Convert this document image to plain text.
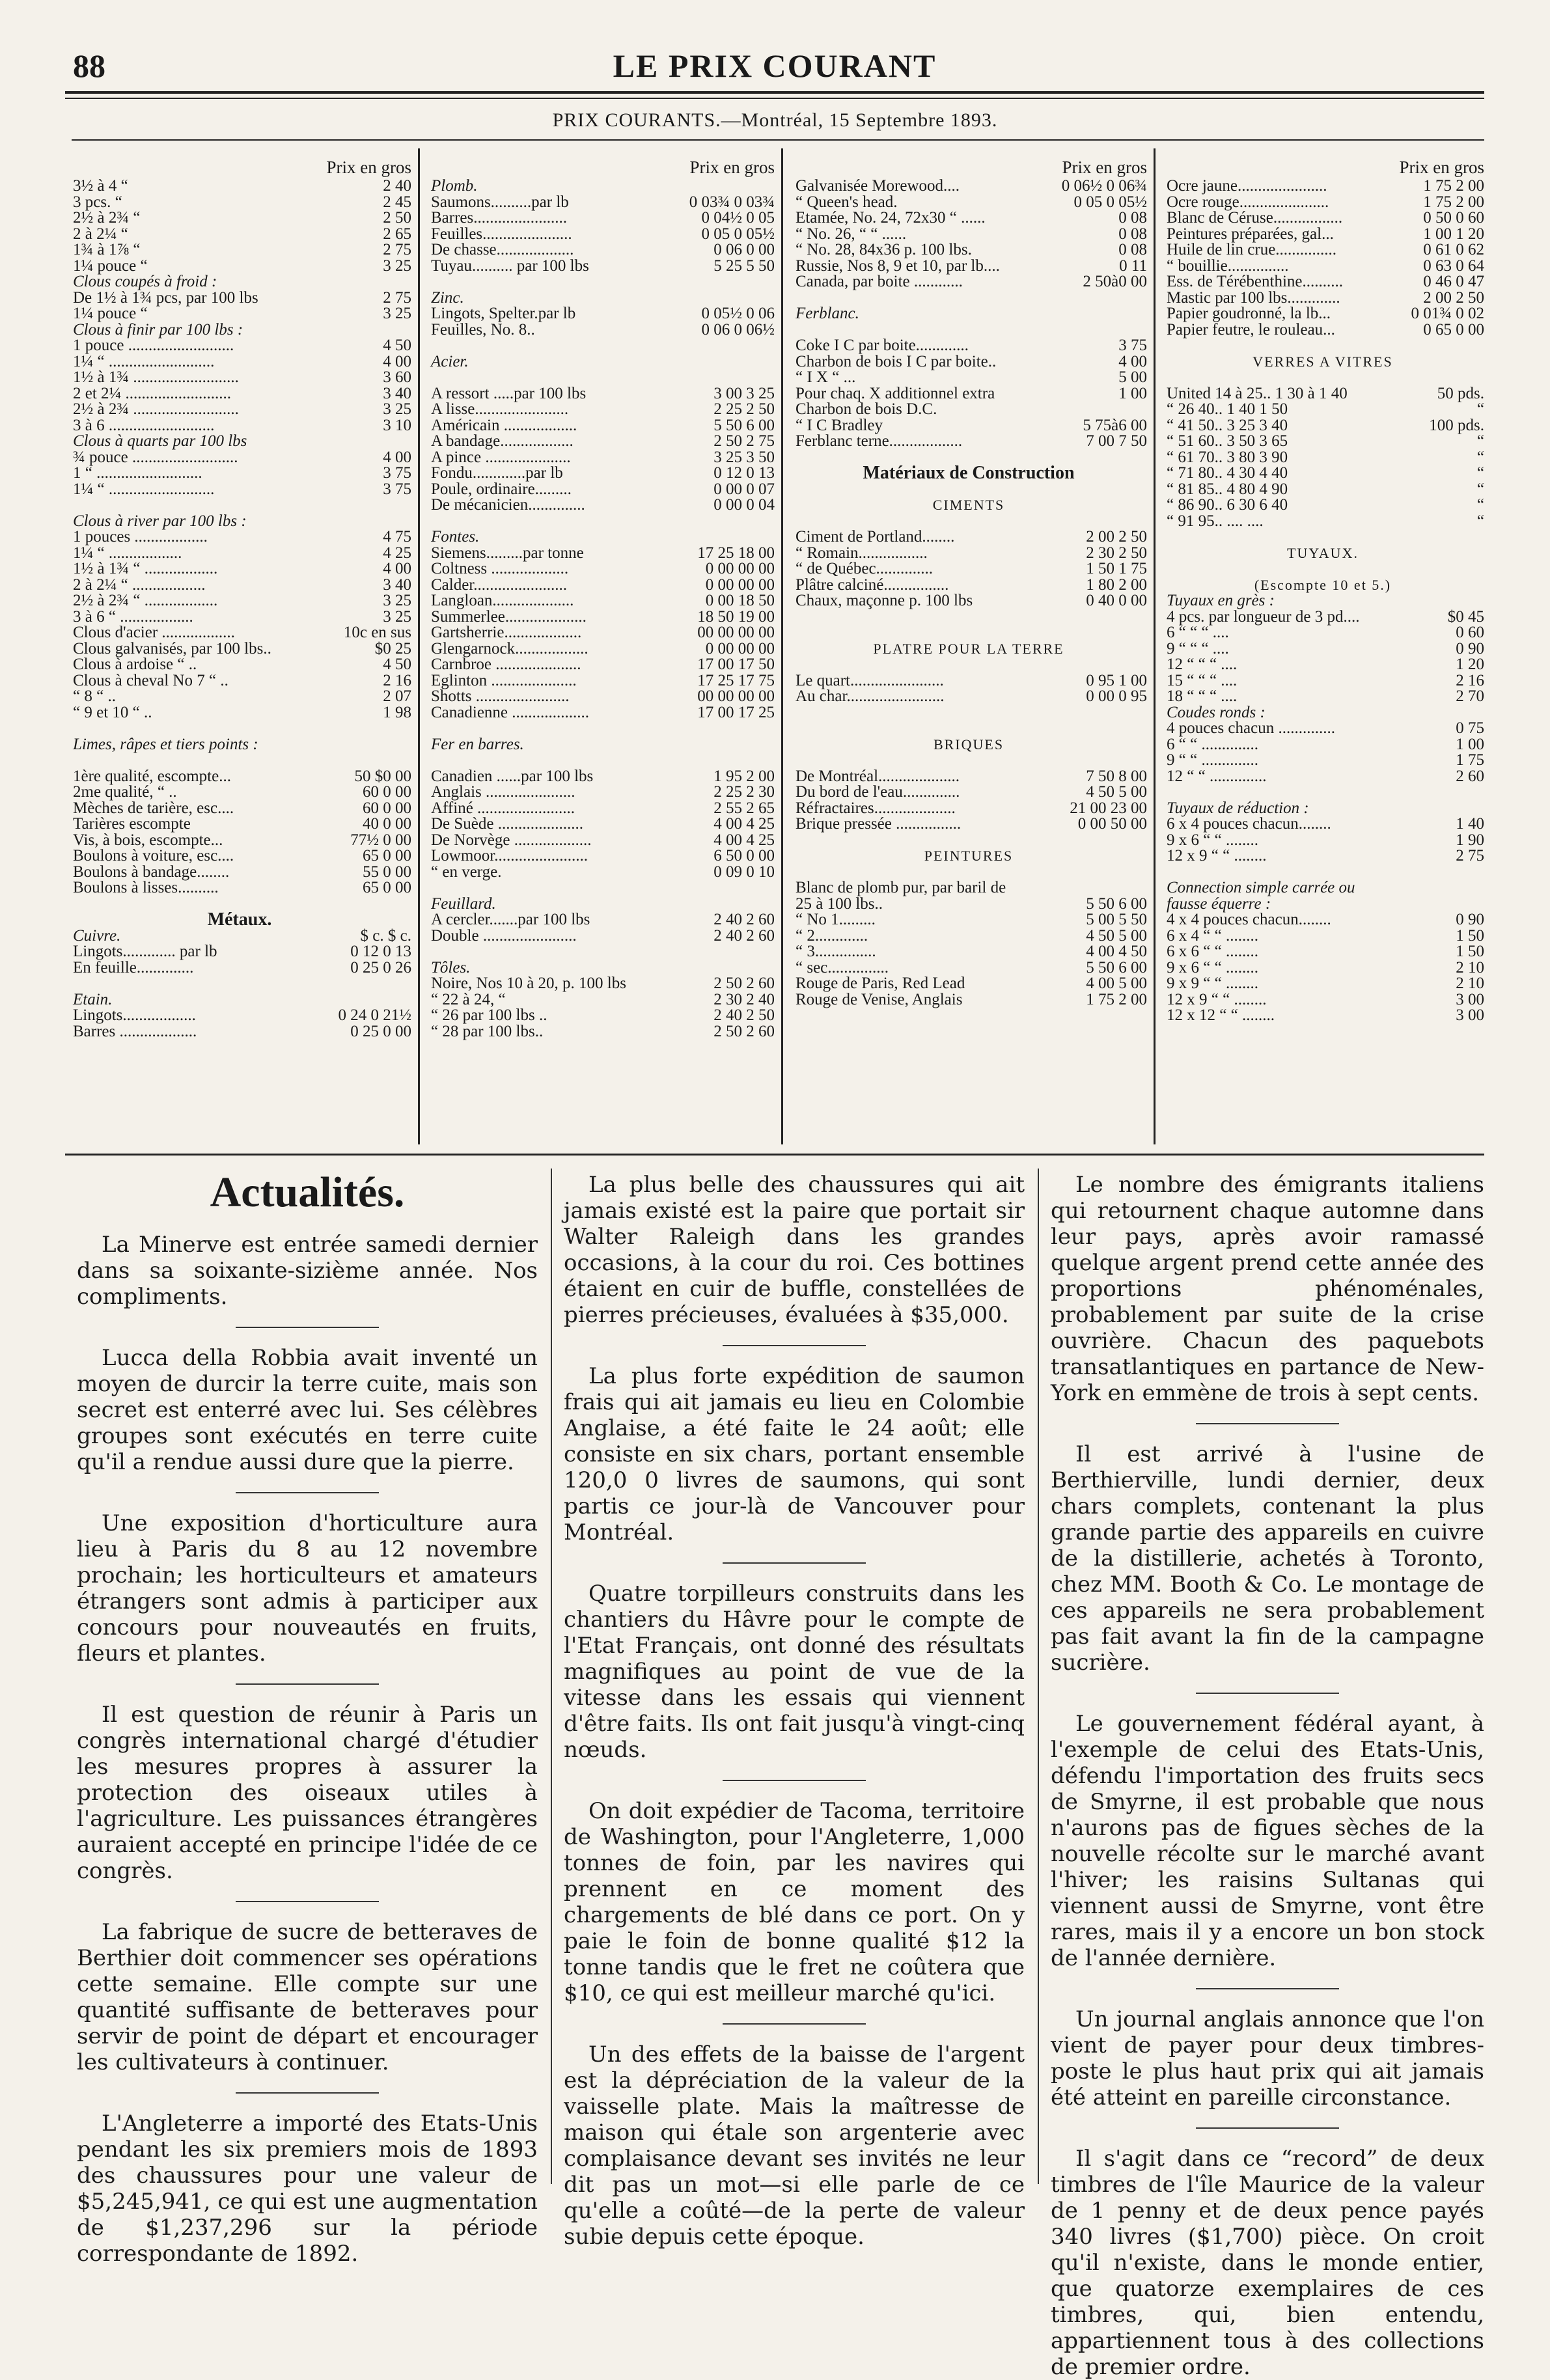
88	LE PRIX COURANT
PRIX COURANTS.—Montréal, 15 Septembre 1893.
Prix en gros
3½ à 4 “	2 40
3 pcs. “	2 45
2½ à 2¾ “	2 50
2 à 2¼ “	2 65
1¾ à 1⅞ “	2 75
1¼ pouce “	3 25
Clous coupés à froid :
De 1½ à 1¾ pcs, par 100 lbs	2 75
1¼ pouce “	3 25
Clous à finir par 100 lbs :
1 pouce ..........................	4 50
1¼ “ ..........................	4 00
1½ à 1¾ ..........................	3 60
2 et 2¼ ..........................	3 40
2½ à 2¾ ..........................	3 25
3 à 6 ..........................	3 10
Clous à quarts par 100 lbs
¾ pouce ..........................	4 00
1 “ ..........................	3 75
1¼ “ ..........................	3 75
Clous à river par 100 lbs :
1 pouces ..................	4 75
1¼ “ ..................	4 25
1½ à 1¾ “ ..................	4 00
2 à 2¼ “ ..................	3 40
2½ à 2¾ “ ..................	3 25
3 à 6 “ ..................	3 25
Clous d'acier ..................	10c en sus
Clous galvanisés, par 100 lbs..	$0 25
Clous à ardoise “ ..	4 50
Clous à cheval No 7 “ ..	2 16
“ 8 “ ..	2 07
“ 9 et 10 “ ..	1 98
Limes, râpes et tiers points :
1ère qualité, escompte...	50 $0 00
2me qualité, “ ..	60 0 00
Mèches de tarière, esc....	60 0 00
Tarières escompte	40 0 00
Vis, à bois, escompte...	77½ 0 00
Boulons à voiture, esc....	65 0 00
Boulons à bandage........	55 0 00
Boulons à lisses..........	65 0 00
Métaux.
Cuivre.	$ c. $ c.
Lingots............. par lb	0 12 0 13
En feuille..............	0 25 0 26
Etain.
Lingots..................	0 24 0 21½
Barres ...................	0 25 0 00
Prix en gros
Plomb.
Saumons..........par lb	0 03¾ 0 03¾
Barres.......................	0 04½ 0 05
Feuilles......................	0 05 0 05½
De chasse...................	0 06 0 00
Tuyau.......... par 100 lbs	5 25 5 50
Zinc.
Lingots, Spelter.par lb	0 05½ 0 06
Feuilles, No. 8..	0 06 0 06½
Acier.
A ressort .....par 100 lbs	3 00 3 25
A lisse.......................	2 25 2 50
Américain ..................	5 50 6 00
A bandage..................	2 50 2 75
A pince .....................	3 25 3 50
Fondu.............par lb	0 12 0 13
Poule, ordinaire.........	0 00 0 07
De mécanicien..............	0 00 0 04
Fontes.
Siemens.........par tonne	17 25 18 00
Coltness ...................	0 00 00 00
Calder.......................	0 00 00 00
Langloan....................	0 00 18 50
Summerlee....................	18 50 19 00
Gartsherrie...................	00 00 00 00
Glengarnock..................	0 00 00 00
Carnbroe .....................	17 00 17 50
Eglinton .....................	17 25 17 75
Shotts .......................	00 00 00 00
Canadienne ...................	17 00 17 25
Fer en barres.
Canadien ......par 100 lbs	1 95 2 00
Anglais ......................	2 25 2 30
Affiné ........................	2 55 2 65
De Suède .....................	4 00 4 25
De Norvège ...................	4 00 4 25
Lowmoor.......................	6 50 0 00
“ en verge.	0 09 0 10
Feuillard.
A cercler.......par 100 lbs	2 40 2 60
Double .......................	2 40 2 60
Tôles.
Noire, Nos 10 à 20, p. 100 lbs	2 50 2 60
“ 22 à 24, “	2 30 2 40
“ 26 par 100 lbs ..	2 40 2 50
“ 28 par 100 lbs..	2 50 2 60
Prix en gros
Galvanisée Morewood....	0 06½ 0 06¾
“ Queen's head.	0 05 0 05½
Etamée, No. 24, 72x30 “ ......	0 08
“ No. 26, “ “ ......	0 08
“ No. 28, 84x36 p. 100 lbs.	0 08
Russie, Nos 8, 9 et 10, par lb....	0 11
Canada, par boite ............	2 50à0 00
Ferblanc.
Coke I C par boite.............	3 75
Charbon de bois I C par boite..	4 00
“ I X “ ...	5 00
Pour chaq. X additionnel extra	1 00
Charbon de bois D.C.
“ I C Bradley	5 75à6 00
Ferblanc terne..................	7 00 7 50
Matériaux de Construction
CIMENTS
Ciment de Portland........	2 00 2 50
“ Romain.................	2 30 2 50
“ de Québec..............	1 50 1 75
Plâtre calciné................	1 80 2 00
Chaux, maçonne p. 100 lbs	0 40 0 00
PLATRE POUR LA TERRE
Le quart.......................	0 95 1 00
Au char........................	0 00 0 95
BRIQUES
De Montréal....................	7 50 8 00
Du bord de l'eau..............	4 50 5 00
Réfractaires....................	21 00 23 00
Brique pressée ................	0 00 50 00
PEINTURES
Blanc de plomb pur, par baril de
25 à 100 lbs..	5 50 6 00
“ No 1.........	5 00 5 50
“ 2.............	4 50 5 00
“ 3...............	4 00 4 50
“ sec...............	5 50 6 00
Rouge de Paris, Red Lead	4 00 5 00
Rouge de Venise, Anglais	1 75 2 00
Prix en gros
Ocre jaune......................	1 75 2 00
Ocre rouge......................	1 75 2 00
Blanc de Céruse.................	0 50 0 60
Peintures préparées, gal...	1 00 1 20
Huile de lin crue...............	0 61 0 62
“ bouillie...............	0 63 0 64
Ess. de Térébenthine..........	0 46 0 47
Mastic par 100 lbs.............	2 00 2 50
Papier goudronné, la lb...	0 01¾ 0 02
Papier feutre, le rouleau...	0 65 0 00
VERRES A VITRES
United 14 à 25.. 1 30 à 1 40	50 pds.
“ 26 40.. 1 40 1 50	“
“ 41 50.. 3 25 3 40	100 pds.
“ 51 60.. 3 50 3 65	“
“ 61 70.. 3 80 3 90	“
“ 71 80.. 4 30 4 40	“
“ 81 85.. 4 80 4 90	“
“ 86 90.. 6 30 6 40	“
“ 91 95.. .... ....	“
TUYAUX.
(Escompte 10 et 5.)
Tuyaux en grès :
4 pcs. par longueur de 3 pd....	$0 45
6 “ “ “ ....	0 60
9 “ “ “ ....	0 90
12 “ “ “ ....	1 20
15 “ “ “ ....	2 16
18 “ “ “ ....	2 70
Coudes ronds :
4 pouces chacun ..............	0 75
6 “ “ ..............	1 00
9 “ “ ..............	1 75
12 “ “ ..............	2 60
Tuyaux de réduction :
6 x 4 pouces chacun........	1 40
9 x 6 “ “ ........	1 90
12 x 9 “ “ ........	2 75
Connection simple carrée ou
fausse équerre :
4 x 4 pouces chacun........	0 90
6 x 4 “ “ ........	1 50
6 x 6 “ “ ........	1 50
9 x 6 “ “ ........	2 10
9 x 9 “ “ ........	2 10
12 x 9 “ “ ........	3 00
12 x 12 “ “ ........	3 00
Actualités.

La Minerve est entrée samedi dernier dans sa soixante-sizième année. Nos compliments.

Lucca della Robbia avait inventé un moyen de durcir la terre cuite, mais son secret est enterré avec lui. Ses célèbres groupes sont exécutés en terre cuite qu'il a rendue aussi dure que la pierre.

Une exposition d'horticulture aura lieu à Paris du 8 au 12 novembre prochain; les horticulteurs et amateurs étrangers sont admis à participer aux concours pour nouveautés en fruits, fleurs et plantes.

Il est question de réunir à Paris un congrès international chargé d'étudier les mesures propres à assurer la protection des oiseaux utiles à l'agriculture. Les puissances étrangères auraient accepté en principe l'idée de ce congrès.

La fabrique de sucre de betteraves de Berthier doit commencer ses opérations cette semaine. Elle compte sur une quantité suffisante de betteraves pour servir de point de départ et encourager les cultivateurs à continuer.

L'Angleterre a importé des Etats-Unis pendant les six premiers mois de 1893 des chaussures pour une valeur de $5,245,941, ce qui est une augmentation de $1,237,296 sur la période correspondante de 1892.

La plus belle des chaussures qui ait jamais existé est la paire que portait sir Walter Raleigh dans les grandes occasions, à la cour du roi. Ces bottines étaient en cuir de buffle, constellées de pierres précieuses, évaluées à $35,000.

La plus forte expédition de saumon frais qui ait jamais eu lieu en Colombie Anglaise, a été faite le 24 août; elle consiste en six chars, portant ensemble 120,0 0 livres de saumons, qui sont partis ce jour-là de Vancouver pour Montréal.

Quatre torpilleurs construits dans les chantiers du Hâvre pour le compte de l'Etat Français, ont donné des résultats magnifiques au point de vue de la vitesse dans les essais qui viennent d'être faits. Ils ont fait jusqu'à vingt-cinq nœuds.

On doit expédier de Tacoma, territoire de Washington, pour l'Angleterre, 1,000 tonnes de foin, par les navires qui prennent en ce moment des chargements de blé dans ce port. On y paie le foin de bonne qualité $12 la tonne tandis que le fret ne coûtera que $10, ce qui est meilleur marché qu'ici.

Un des effets de la baisse de l'argent est la dépréciation de la valeur de la vaisselle plate. Mais la maîtresse de maison qui étale son argenterie avec complaisance devant ses invités ne leur dit pas un mot—si elle parle de ce qu'elle a coûté—de la perte de valeur subie depuis cette époque.

Le nombre des émigrants italiens qui retournent chaque automne dans leur pays, après avoir ramassé quelque argent prend cette année des proportions phénoménales, probablement par suite de la crise ouvrière. Chacun des paquebots transatlantiques en partance de New-York en emmène de trois à sept cents.

Il est arrivé à l'usine de Berthierville, lundi dernier, deux chars complets, contenant la plus grande partie des appareils en cuivre de la distillerie, achetés à Toronto, chez MM. Booth & Co. Le montage de ces appareils ne sera probablement pas fait avant la fin de la campagne sucrière.

Le gouvernement fédéral ayant, à l'exemple de celui des Etats-Unis, défendu l'importation des fruits secs de Smyrne, il est probable que nous n'aurons pas de figues sèches de la nouvelle récolte sur le marché avant l'hiver; les raisins Sultanas qui viennent aussi de Smyrne, vont être rares, mais il y a encore un bon stock de l'année dernière.

Un journal anglais annonce que l'on vient de payer pour deux timbres-poste le plus haut prix qui ait jamais été atteint en pareille circonstance.

Il s'agit dans ce “record” de deux timbres de l'île Maurice de la valeur de 1 penny et de deux pence payés 340 livres ($1,700) pièce. On croit qu'il n'existe, dans le monde entier, que quatorze exemplaires de ces timbres, qui, bien entendu, appartiennent tous à des collections de premier ordre.
